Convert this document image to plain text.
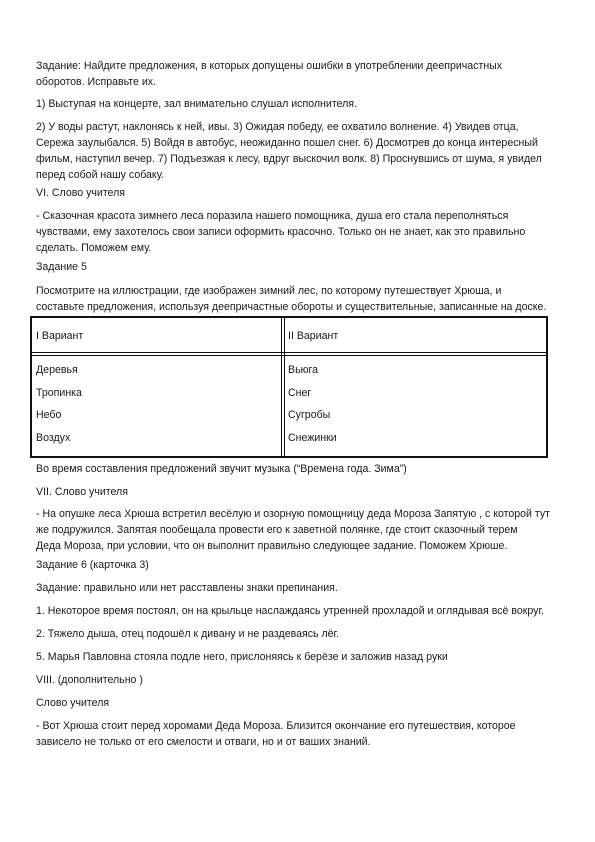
Задание: Найдите предложения, в которых допущены ошибки в употреблении деепричастных
оборотов. Исправьте их.

1) Выступая на концерте, зал внимательно слушал исполнителя.

2) У воды растут, наклонясь к ней, ивы. 3) Ожидая победу, ее охватило волнение. 4) Увидев отца,
Сережа заулыбался. 5) Войдя в автобус, неожиданно пошел снег. 6) Досмотрев до конца интересный
фильм, наступил вечер. 7) Подъезжая к лесу, вдруг выскочил волк. 8) Проснувшись от шума, я увидел
перед собой нашу собаку.

VI. Слово учителя

- Сказочная красота зимнего леса поразила нашего помощника, душа его стала переполняться
чувствами, ему захотелось свои записи оформить красочно. Только он не знает, как это правильно
сделать. Поможем ему.

Задание 5

Посмотрите на иллюстрации, где изображен зимний лес, по которому путешествует Хрюша, и
составьте предложения, используя деепричастные обороты и существительные, записанные на доске.

I Вариант	II Вариант
Деревья
Тропинка
Небо
Воздух
Вьюга
Снег
Сугробы
Снежинки

Во время составления предложений звучит музыка (“Времена года. Зима”)

VII. Слово учителя

- На опушке леса Хрюша встретил весёлую и озорную помощницу деда Мороза Запятую , с которой тут
же подружился. Запятая пообещала провести его к заветной полянке, где стоит сказочный терем
Деда Мороза, при условии, что он выполнит правильно следующее задание. Поможем Хрюше.

Задание 6 (карточка 3)

Задание: правильно или нет расставлены знаки препинания.

1. Некоторое время постоял, он на крыльце наслаждаясь утренней прохладой и оглядывая всё вокруг.

2. Тяжело дыша, отец подошёл к дивану и не раздеваясь лёг.

5. Марья Павловна стояла подле него, прислоняясь к берёзе и заложив назад руки

VIII. (дополнительно )

Слово учителя

- Вот Хрюша стоит перед хоромами Деда Мороза. Близится окончание его путешествия, которое
зависело не только от его смелости и отваги, но и от ваших знаний.
